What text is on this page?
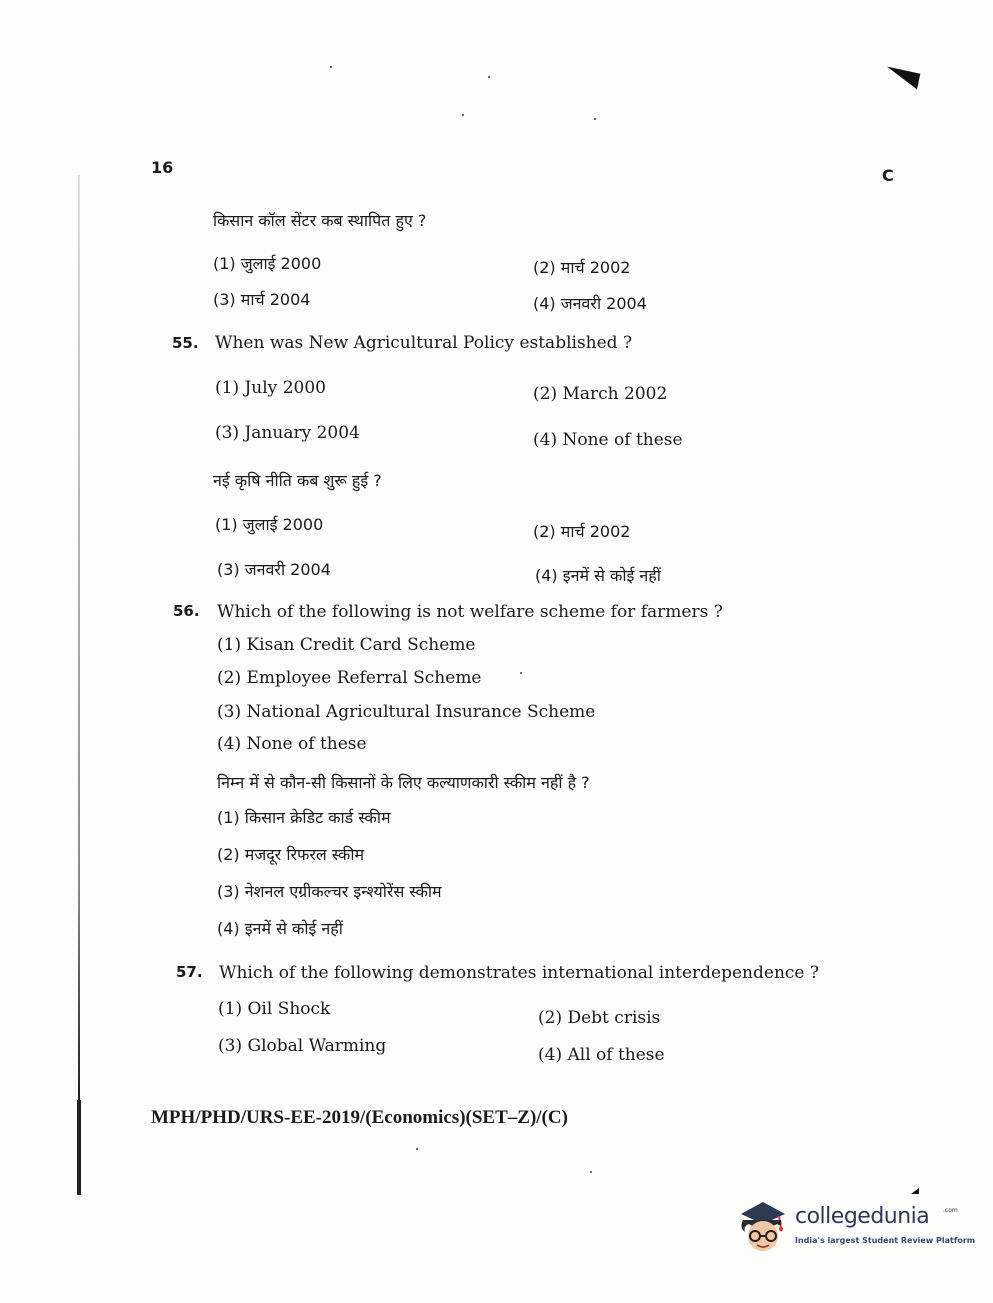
16	C
किसान कॉल सेंटर कब स्थापित हुए ?
(1) जुलाई 2000	(2) मार्च 2002
(3) मार्च 2004	(4) जनवरी 2004
55. When was New Agricultural Policy established ?
(1) July 2000	(2) March 2002
(3) January 2004	(4) None of these
नई कृषि नीति कब शुरू हुई ?
(1) जुलाई 2000	(2) मार्च 2002
(3) जनवरी 2004	(4) इनमें से कोई नहीं
56. Which of the following is not welfare scheme for farmers ?
(1) Kisan Credit Card Scheme
(2) Employee Referral Scheme
(3) National Agricultural Insurance Scheme
(4) None of these
निम्न में से कौन-सी किसानों के लिए कल्याणकारी स्कीम नहीं है ?
(1) किसान क्रेडिट कार्ड स्कीम
(2) मजदूर रिफरल स्कीम
(3) नेशनल एग्रीकल्चर इन्श्योरेंस स्कीम
(4) इनमें से कोई नहीं
57. Which of the following demonstrates international interdependence ?
(1) Oil Shock	(2) Debt crisis
(3) Global Warming	(4) All of these
MPH/PHD/URS-EE-2019/(Economics)(SET–Z)/(C)
collegedunia .com
India's largest Student Review Platform
